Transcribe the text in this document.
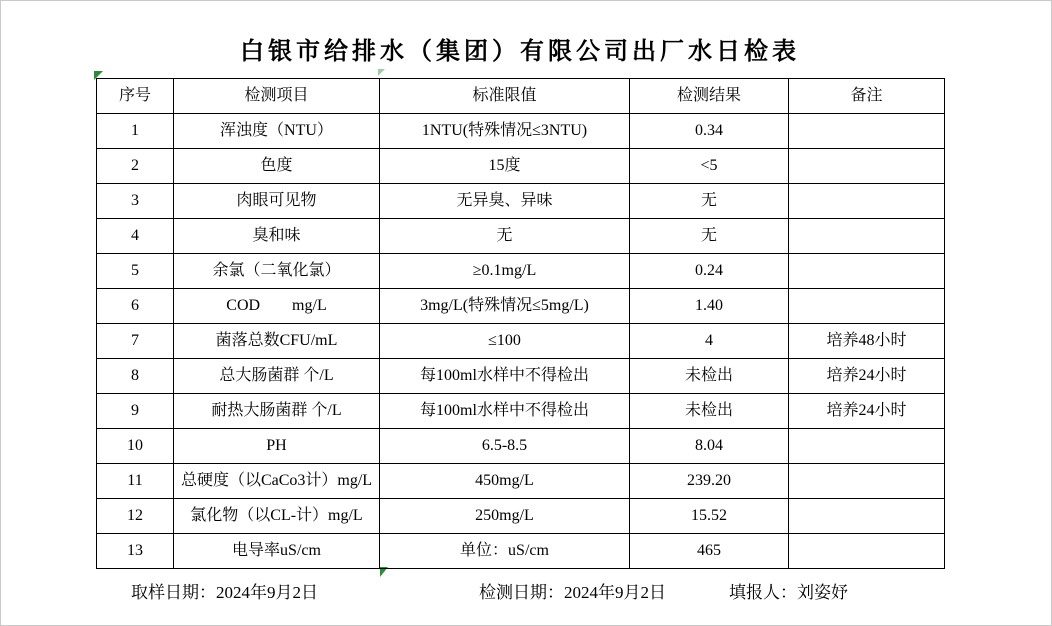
白银市给排水（集团）有限公司出厂水日检表
序号	检测项目	标准限值	检测结果	备注
1	浑浊度（NTU）	1NTU(特殊情况≤3NTU)	0.34	
2	色度	15度	<5	
3	肉眼可见物	无异臭、异味	无	
4	臭和味	无	无	
5	余氯（二氧化氯）	≥0.1mg/L	0.24	
6	COD        mg/L	3mg/L(特殊情况≤5mg/L)	1.40	
7	菌落总数CFU/mL	≤100	4	培养48小时
8	总大肠菌群 个/L	每100ml水样中不得检出	未检出	培养24小时
9	耐热大肠菌群 个/L	每100ml水样中不得检出	未检出	培养24小时
10	PH	6.5-8.5	8.04	
11	总硬度（以CaCo3计）mg/L	450mg/L	239.20	
12	氯化物（以CL-计）mg/L	250mg/L	15.52	
13	电导率uS/cm	单位：uS/cm	465	
取样日期：2024年9月2日	检测日期：2024年9月2日	填报人：刘姿妤
